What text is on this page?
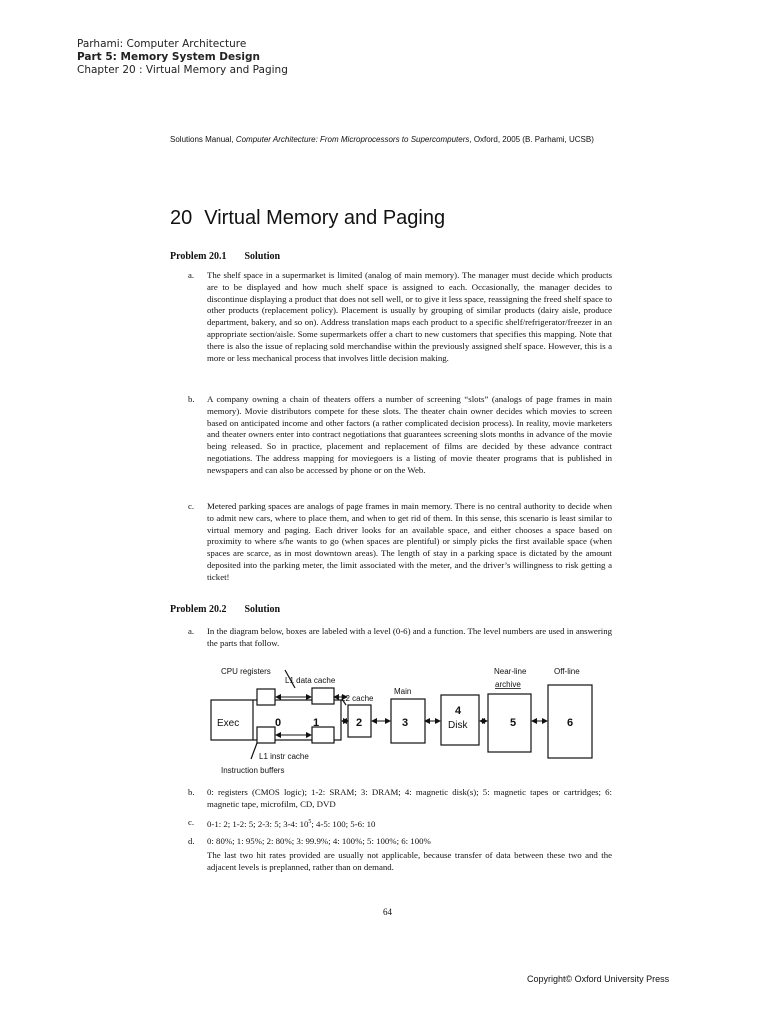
Parhami: Computer Architecture
Part 5: Memory System Design
Chapter 20 : Virtual Memory and Paging
Solutions Manual, Computer Architecture: From Microprocessors to Supercomputers, Oxford, 2005 (B. Parhami, UCSB)
20 Virtual Memory and Paging
Problem 20.1 Solution
a. The shelf space in a supermarket is limited (analog of main memory). The manager must decide which products are to be displayed and how much shelf space is assigned to each. Occasionally, the manager decides to discontinue displaying a product that does not sell well, or to give it less space, reassigning the freed shelf space to other products (replacement policy). Placement is usually by grouping of similar products (dairy aisle, produce department, bakery, and so on). Address translation maps each product to a specific shelf/refrigerator/freezer in an appropriate section/aisle. Some supermarkets offer a chart to new customers that specifies this mapping. Note that there is also the issue of replacing sold merchandise within the previously assigned shelf space. However, this is a more or less mechanical process that involves little decision making.
b. A company owning a chain of theaters offers a number of screening “slots” (analogs of page frames in main memory). Movie distributors compete for these slots. The theater chain owner decides which movies to screen based on anticipated income and other factors (a rather complicated decision process). In reality, movie marketers and theater owners enter into contract negotiations that guarantees screening slots months in advance of the movie being released. So in practice, placement and replacement of films are decided by these advance contract negotiations. The address mapping for moviegoers is a listing of movie theater programs that is published in newspapers and can also be accessed by phone or on the Web.
c. Metered parking spaces are analogs of page frames in main memory. There is no central authority to decide when to admit new cars, where to place them, and when to get rid of them. In this sense, this scenario is least similar to virtual memory and paging. Each driver looks for an available space, and either chooses a space based on proximity to where s/he wants to go (when spaces are plentiful) or simply picks the first available space (when spaces are scarce, as in most downtown areas). The length of stay in a parking space is dictated by the amount deposited into the parking meter, the limit associated with the meter, and the driver’s willingness to risk getting a ticket!
Problem 20.2 Solution
a. In the diagram below, boxes are labeled with a level (0-6) and a function. The level numbers are used in answering the parts that follow.
CPU registers
L1 data cache
L2 cache
Main
Near-line
archive
Off-line
Exec	0	1	2	3
4
Disk	5	6
L1 instr cache
Instruction buffers
b. 0: registers (CMOS logic); 1-2: SRAM; 3: DRAM; 4: magnetic disk(s); 5: magnetic tapes or cartridges; 6: magnetic tape, microfilm, CD, DVD
c. 0-1: 2; 1-2: 5; 2-3: 5; 3-4: $10^5$; 4-5: 100; 5-6: 10
d. 0: 80%; 1: 95%; 2: 80%; 3: 99.9%; 4: 100%; 5: 100%; 6: 100%
The last two hit rates provided are usually not applicable, because transfer of data between these two and the adjacent levels is preplanned, rather than on demand.
64
Copyright© Oxford University Press
